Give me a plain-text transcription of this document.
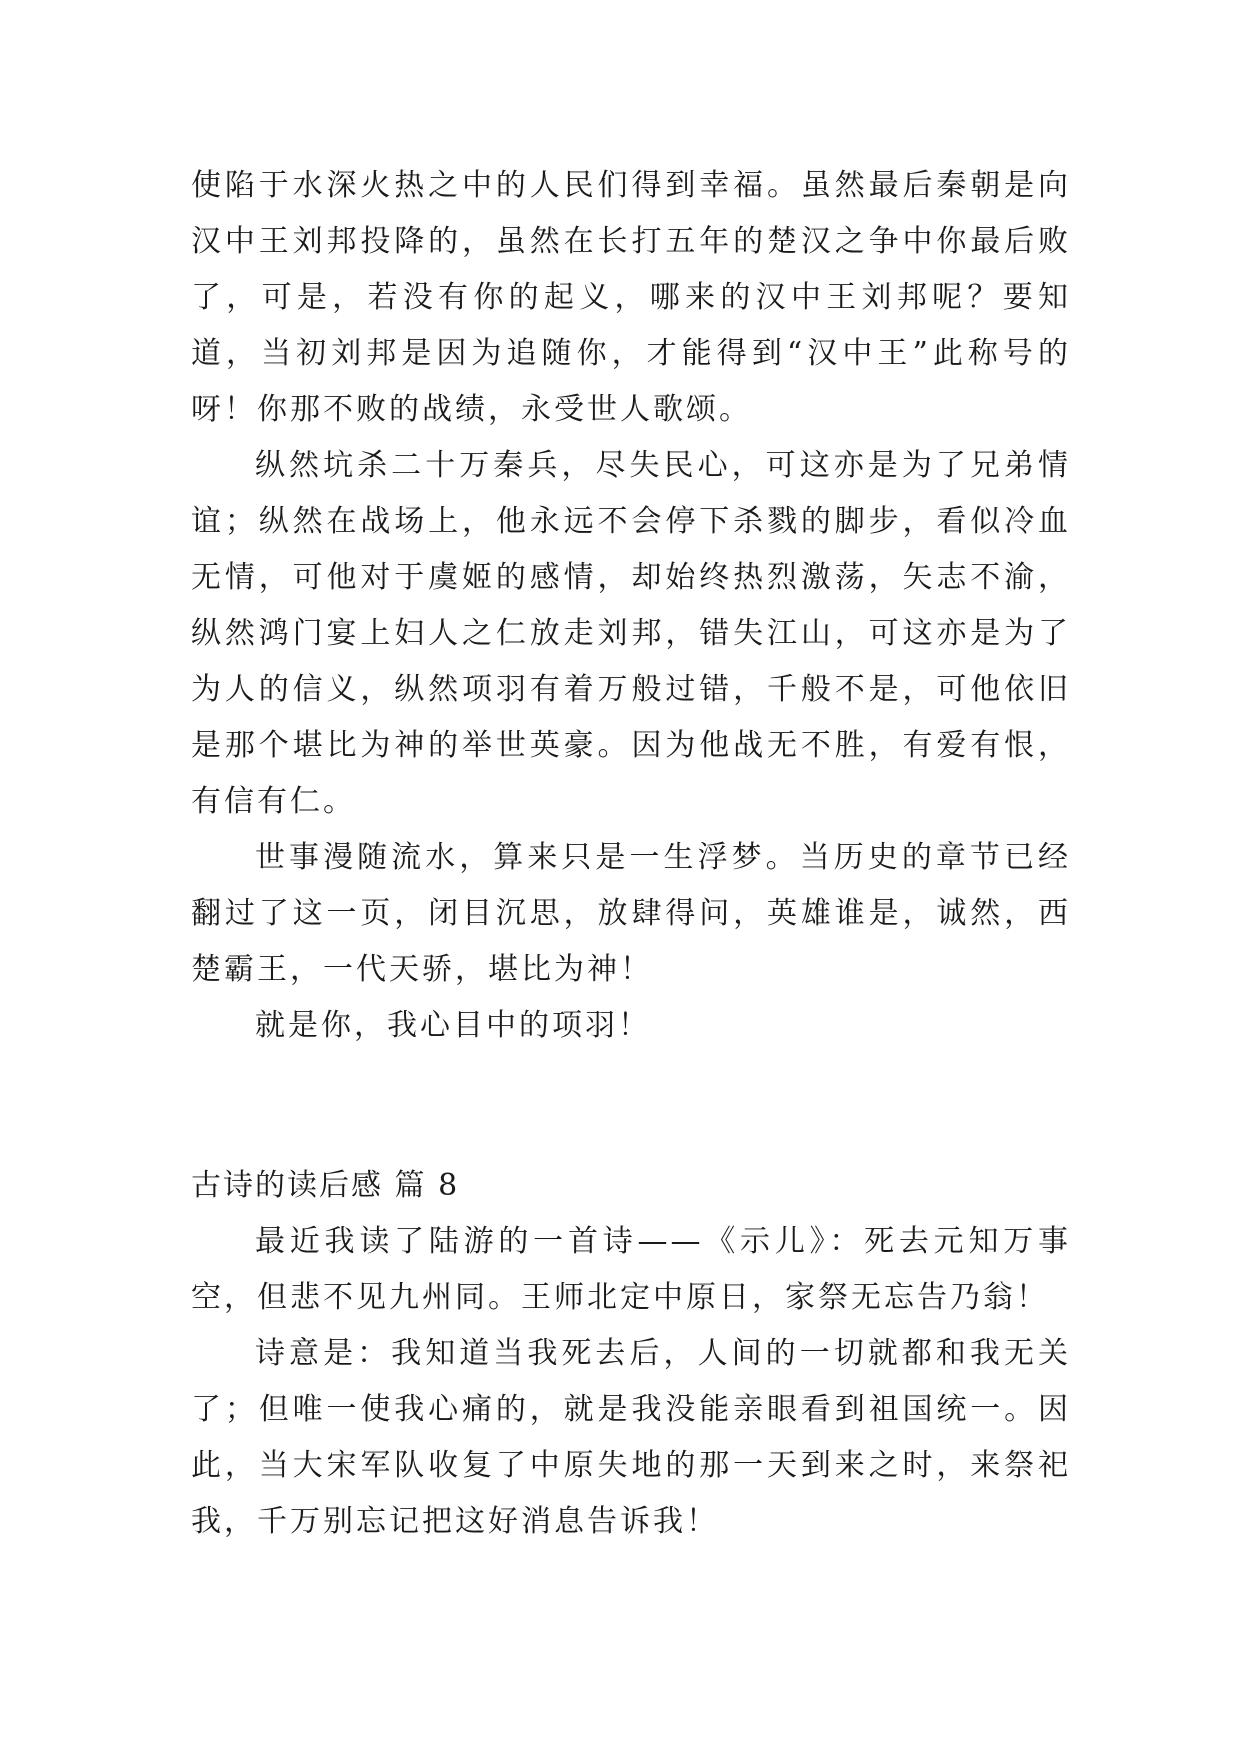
使陷于水深火热之中的人民们得到幸福。虽然最后秦朝是向汉中王刘邦投降的，虽然在长打五年的楚汉之争中你最后败了，可是，若没有你的起义，哪来的汉中王刘邦呢？要知道，当初刘邦是因为追随你，才能得到“汉中王”此称号的呀！你那不败的战绩，永受世人歌颂。

纵然坑杀二十万秦兵，尽失民心，可这亦是为了兄弟情谊；纵然在战场上，他永远不会停下杀戮的脚步，看似冷血无情，可他对于虞姬的感情，却始终热烈激荡，矢志不渝，纵然鸿门宴上妇人之仁放走刘邦，错失江山，可这亦是为了为人的信义，纵然项羽有着万般过错，千般不是，可他依旧是那个堪比为神的举世英豪。因为他战无不胜，有爱有恨，有信有仁。

世事漫随流水，算来只是一生浮梦。当历史的章节已经翻过了这一页，闭目沉思，放肆得问，英雄谁是，诚然，西楚霸王，一代天骄，堪比为神！

就是你，我心目中的项羽！

古诗的读后感 篇 8

最近我读了陆游的一首诗——《示儿》：死去元知万事空，但悲不见九州同。王师北定中原日，家祭无忘告乃翁！

诗意是：我知道当我死去后，人间的一切就都和我无关了；但唯一使我心痛的，就是我没能亲眼看到祖国统一。因此，当大宋军队收复了中原失地的那一天到来之时，来祭祀我，千万别忘记把这好消息告诉我！
